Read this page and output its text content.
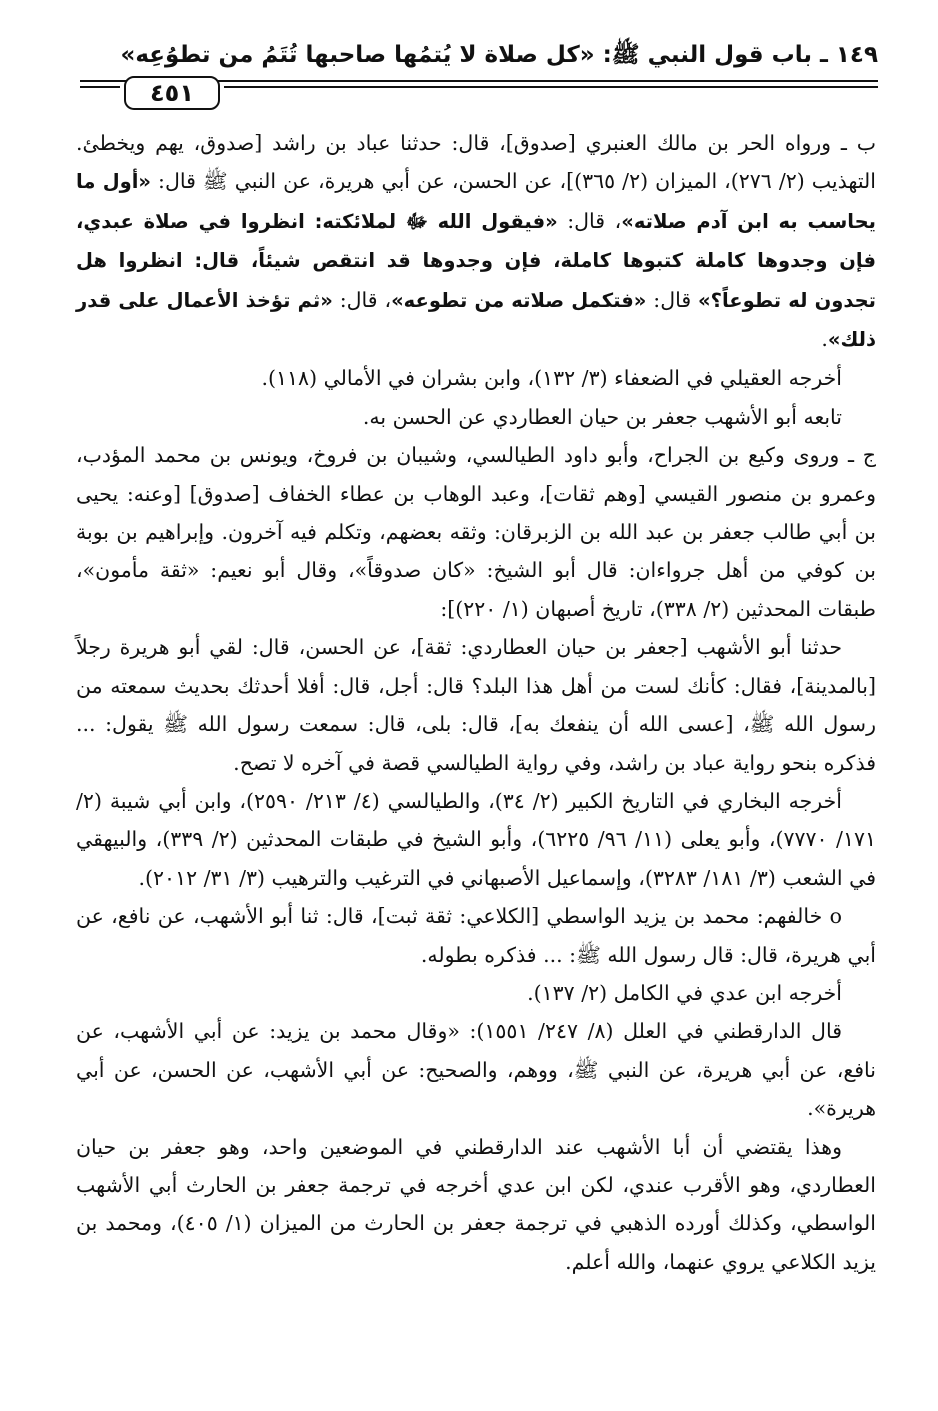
١٤٩ ـ باب قول النبي ﷺ: «كل صلاة لا يُتمُها صاحبها تُتَمُ من تطوُعِه»
٤٥١

ب ـ ورواه الحر بن مالك العنبري [صدوق]، قال: حدثنا عباد بن راشد [صدوق، يهم ويخطئ. التهذيب (٢/ ٢٧٦)، الميزان (٢/ ٣٦٥)]، عن الحسن، عن أبي هريرة، عن النبي ﷺ قال: «أول ما يحاسب به ابن آدم صلاته»، قال: «فيقول الله ﷻ لملائكته: انظروا في صلاة عبدي، فإن وجدوها كاملة كتبوها كاملة، فإن وجدوها قد انتقص شيئاً، قال: انظروا هل تجدون له تطوعاً؟» قال: «فتكمل صلاته من تطوعه»، قال: «ثم تؤخذ الأعمال على قدر ذلك».

أخرجه العقيلي في الضعفاء (٣/ ١٣٢)، وابن بشران في الأمالي (١١٨).

تابعه أبو الأشهب جعفر بن حيان العطاردي عن الحسن به.

ج ـ وروى وكيع بن الجراح، وأبو داود الطيالسي، وشيبان بن فروخ، ويونس بن محمد المؤدب، وعمرو بن منصور القيسي [وهم ثقات]، وعبد الوهاب بن عطاء الخفاف [صدوق] [وعنه: يحيى بن أبي طالب جعفر بن عبد الله بن الزبرقان: وثقه بعضهم، وتكلم فيه آخرون. وإبراهيم بن بوبة بن كوفي من أهل جرواءان: قال أبو الشيخ: «كان صدوقاً»، وقال أبو نعيم: «ثقة مأمون»، طبقات المحدثين (٢/ ٣٣٨)، تاريخ أصبهان (١/ ٢٢٠)]:

حدثنا أبو الأشهب [جعفر بن حيان العطاردي: ثقة]، عن الحسن، قال: لقي أبو هريرة رجلاً [بالمدينة]، فقال: كأنك لست من أهل هذا البلد؟ قال: أجل، قال: أفلا أحدثك بحديث سمعته من رسول الله ﷺ، [عسى الله أن ينفعك به]، قال: بلى، قال: سمعت رسول الله ﷺ يقول: ... فذكره بنحو رواية عباد بن راشد، وفي رواية الطيالسي قصة في آخره لا تصح.

أخرجه البخاري في التاريخ الكبير (٢/ ٣٤)، والطيالسي (٤/ ٢١٣/ ٢٥٩٠)، وابن أبي شيبة (٢/ ١٧١/ ٧٧٧٠)، وأبو يعلى (١١/ ٩٦/ ٦٢٢٥)، وأبو الشيخ في طبقات المحدثين (٢/ ٣٣٩)، والبيهقي في الشعب (٣/ ١٨١/ ٣٢٨٣)، وإسماعيل الأصبهاني في الترغيب والترهيب (٣/ ٣١/ ٢٠١٢).

o خالفهم: محمد بن يزيد الواسطي [الكلاعي: ثقة ثبت]، قال: ثنا أبو الأشهب، عن نافع، عن أبي هريرة، قال: قال رسول الله ﷺ: ... فذكره بطوله.

أخرجه ابن عدي في الكامل (٢/ ١٣٧).

قال الدارقطني في العلل (٨/ ٢٤٧/ ١٥٥١): «وقال محمد بن يزيد: عن أبي الأشهب، عن نافع، عن أبي هريرة، عن النبي ﷺ، ووهم، والصحيح: عن أبي الأشهب، عن الحسن، عن أبي هريرة».

وهذا يقتضي أن أبا الأشهب عند الدارقطني في الموضعين واحد، وهو جعفر بن حيان العطاردي، وهو الأقرب عندي، لكن ابن عدي أخرجه في ترجمة جعفر بن الحارث أبي الأشهب الواسطي، وكذلك أورده الذهبي في ترجمة جعفر بن الحارث من الميزان (١/ ٤٠٥)، ومحمد بن يزيد الكلاعي يروي عنهما، والله أعلم.
